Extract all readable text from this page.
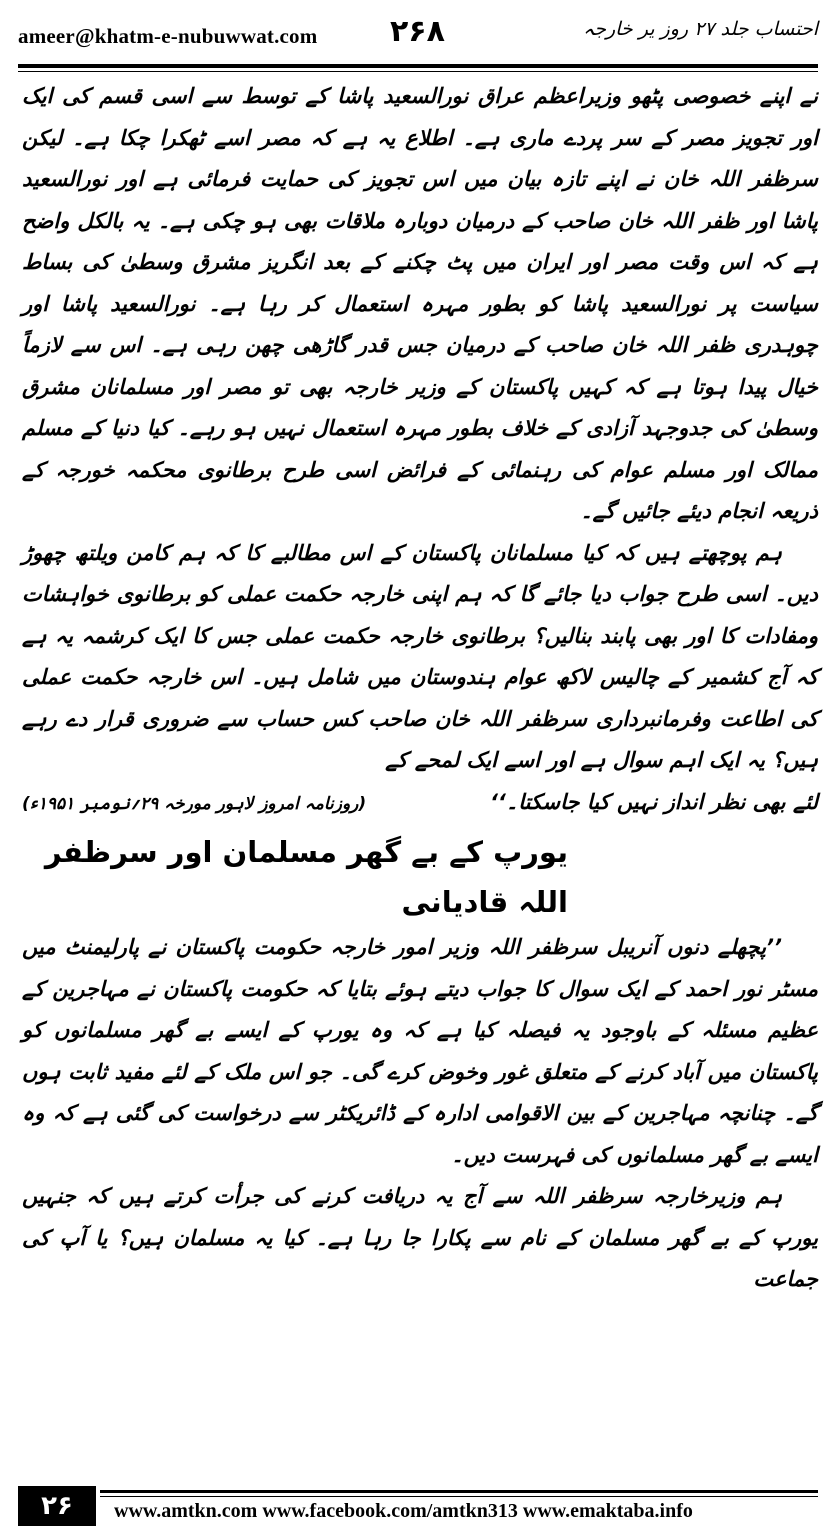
ameer@khatm-e-nubuwwat.com ۲۶۸	احتساب جلد ۲۷ روز یر خارجہ

نے اپنے خصوصی پٹھو وزیراعظم عراق نورالسعید پاشا کے توسط سے اسی قسم کی ایک اور تجویز مصر کے سر پردے ماری ہے۔ اطلاع یہ ہے کہ مصر اسے ٹھکرا چکا ہے۔ لیکن سرظفر اللہ خان نے اپنے تازہ بیان میں اس تجویز کی حمایت فرمائی ہے اور نورالسعید پاشا اور ظفر اللہ خان صاحب کے درمیان دوبارہ ملاقات بھی ہو چکی ہے۔ یہ بالکل واضح ہے کہ اس وقت مصر اور ایران میں پٹ چکنے کے بعد انگریز مشرق وسطیٰ کی بساط سیاست پر نورالسعید پاشا کو بطور مہرہ استعمال کر رہا ہے۔ نورالسعید پاشا اور چوہدری ظفر اللہ خان صاحب کے درمیان جس قدر گاڑھی چھن رہی ہے۔ اس سے لازماً خیال پیدا ہوتا ہے کہ کہیں پاکستان کے وزیر خارجہ بھی تو مصر اور مسلمانان مشرق وسطیٰ کی جدوجہد آزادی کے خلاف بطور مہرہ استعمال نہیں ہو رہے۔ کیا دنیا کے مسلم ممالک اور مسلم عوام کی رہنمائی کے فرائض اسی طرح برطانوی محکمہ خورجہ کے ذریعہ انجام دیئے جائیں گے۔

ہم پوچھتے ہیں کہ کیا مسلمانان پاکستان کے اس مطالبے کا کہ ہم کامن ویلتھ چھوڑ دیں۔ اسی طرح جواب دیا جائے گا کہ ہم اپنی خارجہ حکمت عملی کو برطانوی خواہشات ومفادات کا اور بھی پابند بنالیں؟ برطانوی خارجہ حکمت عملی جس کا ایک کرشمہ یہ ہے کہ آج کشمیر کے چالیس لاکھ عوام ہندوستان میں شامل ہیں۔ اس خارجہ حکمت عملی کی اطاعت وفرمانبرداری سرظفر اللہ خان صاحب کس حساب سے ضروری قرار دے رہے ہیں؟ یہ ایک اہم سوال ہے اور اسے ایک لمحے کے

لئے بھی نظر انداز نہیں کیا جاسکتا۔‘‘
(روزنامہ امروز لاہور مورخہ ۲۹؍نومبر ۱۹۵۱ء)
یورپ کے بے گھر مسلمان اور سرظفر اللہ قادیانی

’’پچھلے دنوں آنریبل سرظفر اللہ وزیر امور خارجہ حکومت پاکستان نے پارلیمنٹ میں مسٹر نور احمد کے ایک سوال کا جواب دیتے ہوئے بتایا کہ حکومت پاکستان نے مہاجرین کے عظیم مسئلہ کے باوجود یہ فیصلہ کیا ہے کہ وہ یورپ کے ایسے بے گھر مسلمانوں کو پاکستان میں آباد کرنے کے متعلق غور وخوض کرے گی۔ جو اس ملک کے لئے مفید ثابت ہوں گے۔ چنانچہ مہاجرین کے بین الاقوامی ادارہ کے ڈائریکٹر سے درخواست کی گئی ہے کہ وہ ایسے بے گھر مسلمانوں کی فہرست دیں۔

ہم وزیرخارجہ سرظفر اللہ سے آج یہ دریافت کرنے کی جرأت کرتے ہیں کہ جنہیں یورپ کے بے گھر مسلمان کے نام سے پکارا جا رہا ہے۔ کیا یہ مسلمان ہیں؟ یا آپ کی جماعت

۲۶	www.amtkn.com www.facebook.com/amtkn313 www.emaktaba.info
